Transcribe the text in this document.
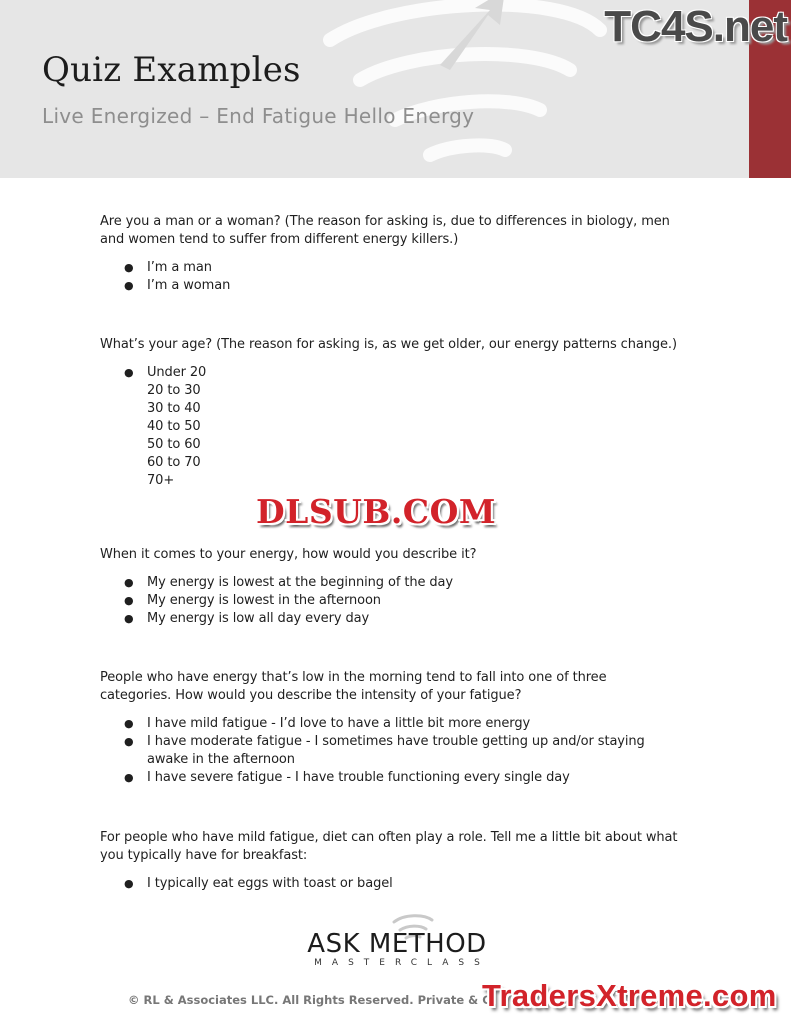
Quiz Examples
Live Energized – End Fatigue Hello Energy
TC4S.net

Are you a man or a woman? (The reason for asking is, due to differences in biology, men and women tend to suffer from different energy killers.)

● I’m a man
● I’m a woman

What’s your age? (The reason for asking is, as we get older, our energy patterns change.)

● Under 20
20 to 30
30 to 40
40 to 50
50 to 60
60 to 70
70+

When it comes to your energy, how would you describe it?

● My energy is lowest at the beginning of the day
● My energy is lowest in the afternoon
● My energy is low all day every day

People who have energy that’s low in the morning tend to fall into one of three categories. How would you describe the intensity of your fatigue?

● I have mild fatigue - I’d love to have a little bit more energy
● I have moderate fatigue - I sometimes have trouble getting up and/or staying awake in the afternoon
● I have severe fatigue - I have trouble functioning every single day

For people who have mild fatigue, diet can often play a role. Tell me a little bit about what you typically have for breakfast:

● I typically eat eggs with toast or bagel
DLSUB.COM
ASK METHOD
MASTERCLASS
© RL & Associates LLC. All Rights Reserved. Private & C
TradersXtreme.com
